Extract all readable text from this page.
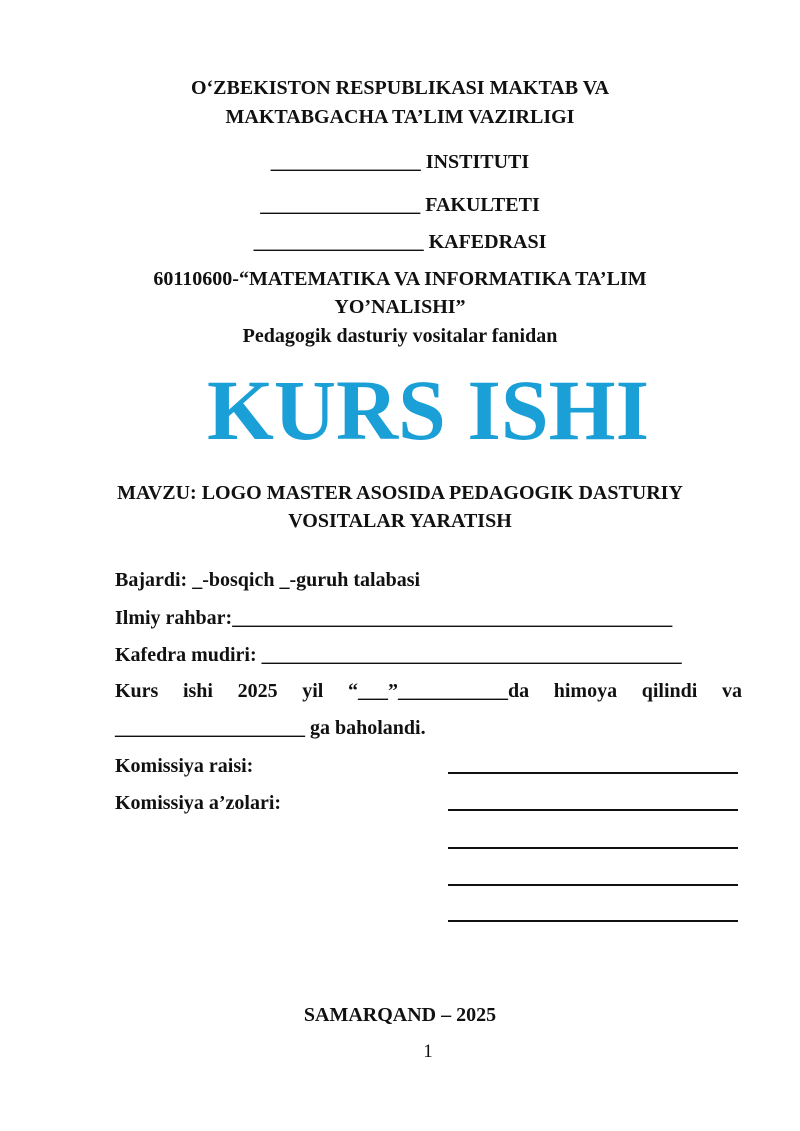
O‘ZBEKISTON RESPUBLIKASI MAKTAB VA
MAKTABGACHA TA’LIM VAZIRLIGI
_______________ INSTITUTI
________________ FAKULTETI
_________________ KAFEDRASI
60110600-“MATEMATIKA VA INFORMATIKA TA’LIM
YO’NALISHI”
Pedagogik dasturiy vositalar fanidan
KURS ISHI
MAVZU: LOGO MASTER ASOSIDA PEDAGOGIK DASTURIY
VOSITALAR YARATISH
Bajardi: _-bosqich _-guruh talabasi
Ilmiy rahbar:____________________________________________
Kafedra mudiri: __________________________________________
Kurs ishi 2025 yil “___”___________da himoya qilindi va
___________________ ga baholandi.
Komissiya raisi:
Komissiya a’zolari:
SAMARQAND – 2025
1
